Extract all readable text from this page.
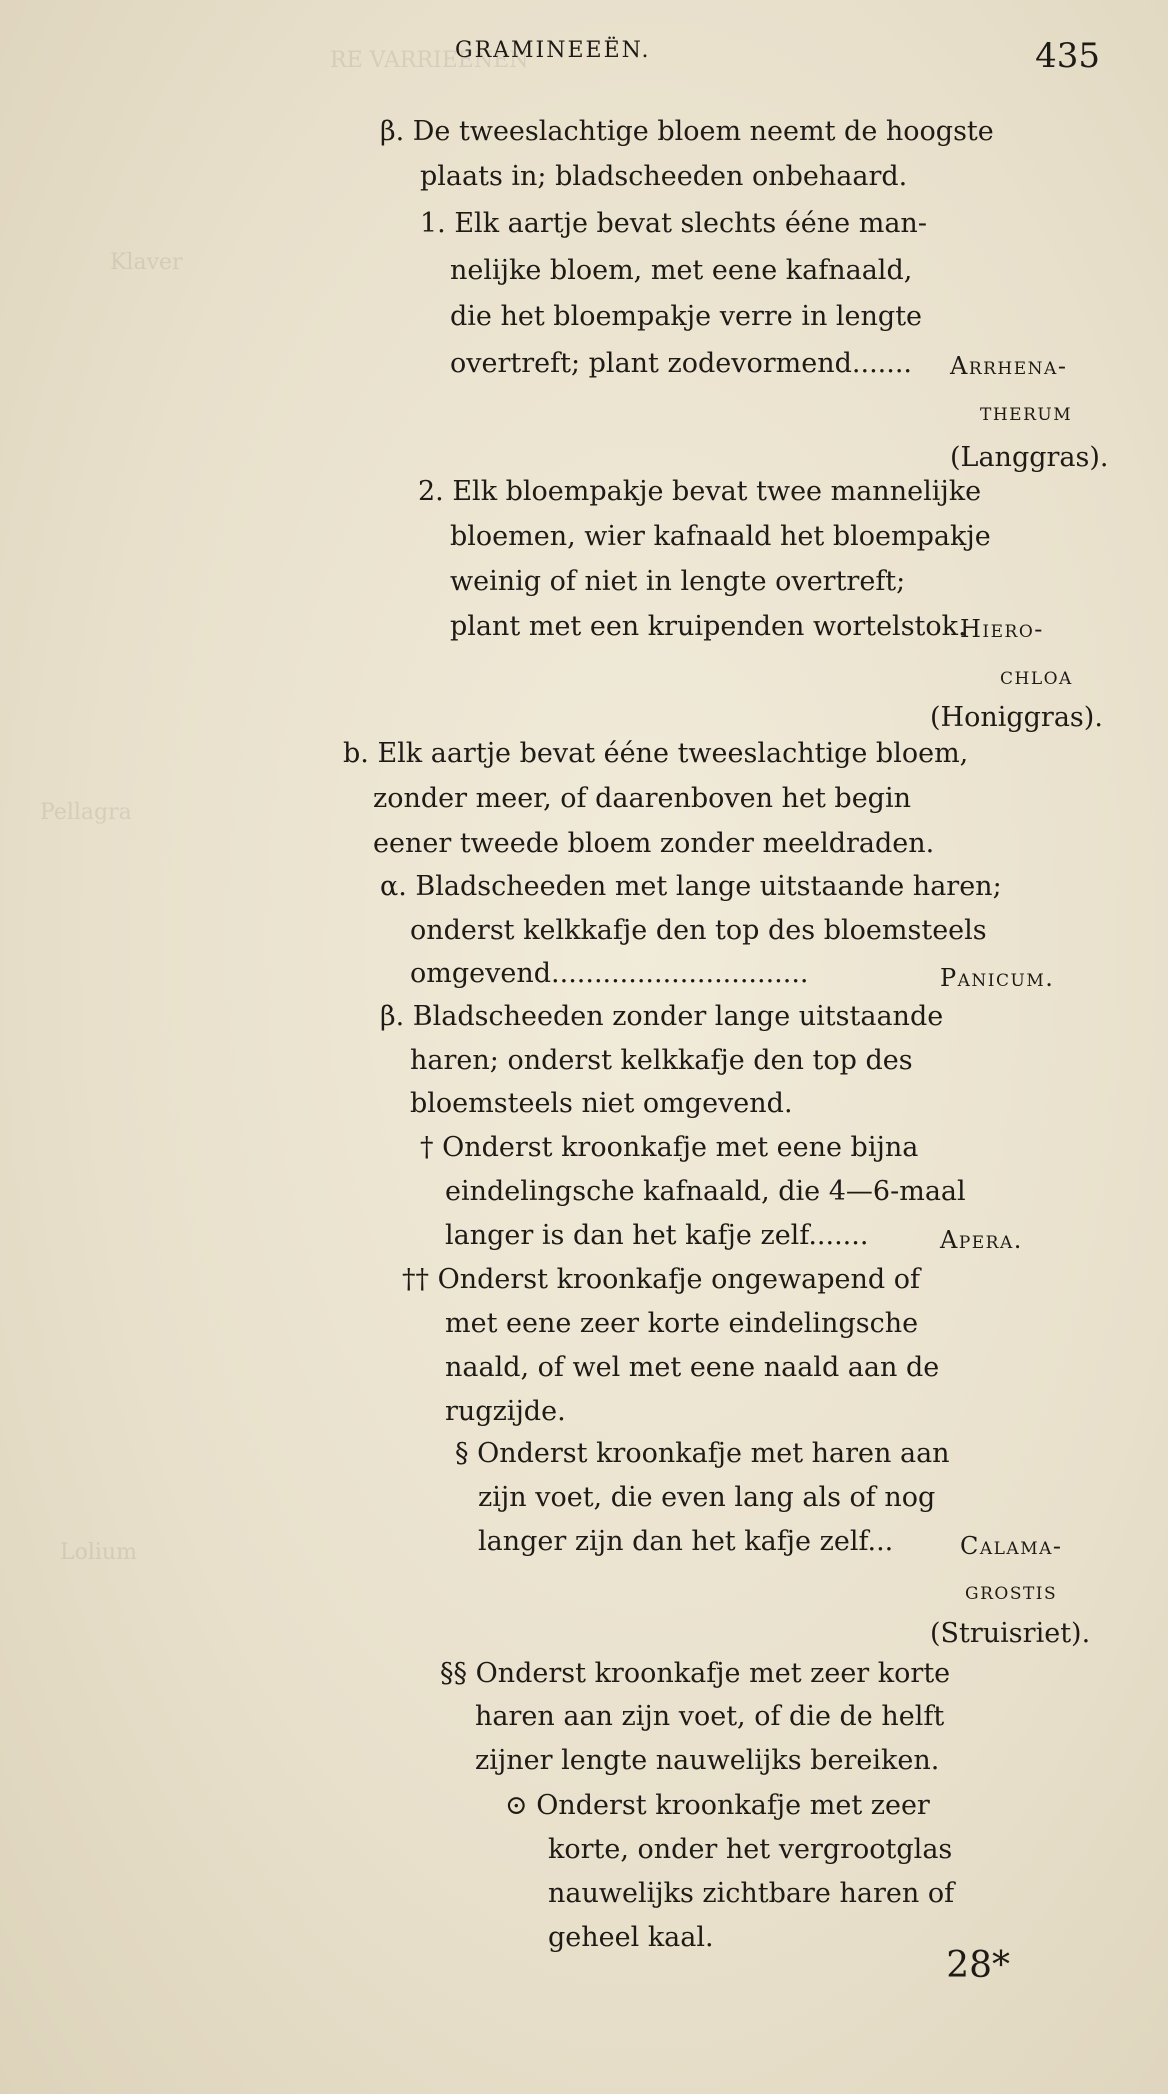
RE VARRIEENEN
Klaver
Pellagra
Lolium
GRAMINEEËN.	435
β. De tweeslachtige bloem neemt de hoogste
plaats in; bladscheeden onbehaard.
1. Elk aartje bevat slechts ééne man-
nelijke bloem, met eene kafnaald,
die het bloempakje verre in lengte
overtreft; plant zodevormend....... Arrhena-
therum
(Langgras).
2. Elk bloempakje bevat twee mannelijke
bloemen, wier kafnaald het bloempakje
weinig of niet in lengte overtreft;
plant met een kruipenden wortelstok.
Hiero-
chloa
(Honiggras).
b. Elk aartje bevat ééne tweeslachtige bloem,
zonder meer, of daarenboven het begin
eener tweede bloem zonder meeldraden.
α. Bladscheeden met lange uitstaande haren;
onderst kelkkafje den top des bloemsteels
omgevend..............................	Panicum.
β. Bladscheeden zonder lange uitstaande
haren; onderst kelkkafje den top des
bloemsteels niet omgevend.
† Onderst kroonkafje met eene bijna
eindelingsche kafnaald, die 4—6-maal
langer is dan het kafje zelf.......	Apera.
†† Onderst kroonkafje ongewapend of
met eene zeer korte eindelingsche
naald, of wel met eene naald aan de
rugzijde.
§ Onderst kroonkafje met haren aan
zijn voet, die even lang als of nog
langer zijn dan het kafje zelf...	Calama-
grostis
(Struisriet).
§§ Onderst kroonkafje met zeer korte
haren aan zijn voet, of die de helft
zijner lengte nauwelijks bereiken.
⊙ Onderst kroonkafje met zeer
korte, onder het vergrootglas
nauwelijks zichtbare haren of
geheel kaal.
28*
